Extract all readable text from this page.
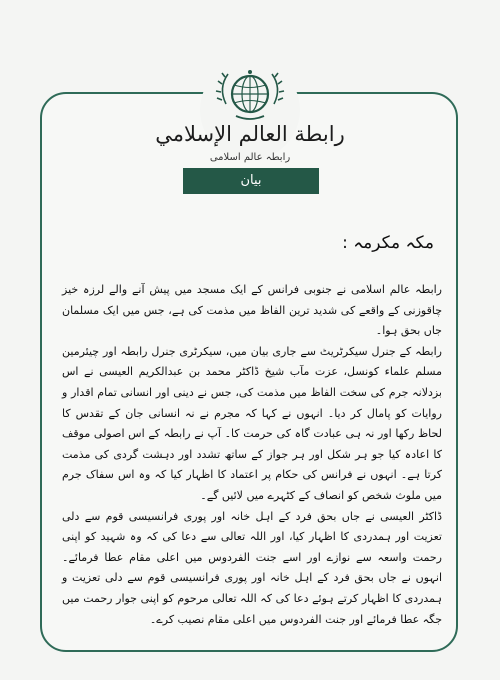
رابطة العالم الإسلامي
رابطہ عالم اسلامی
بیان
مکہ مکرمہ :

رابطہ عالم اسلامی نے جنوبی فرانس کے ایک مسجد میں پیش آنے والے لرزہ خیز چاقوزنی کے واقعے کی شدید ترین الفاظ میں مذمت کی ہے، جس میں ایک مسلمان جاں بحق ہوا۔

رابطہ کے جنرل سیکرٹریٹ سے جاری بیان میں، سیکرٹری جنرل رابطہ اور چیئرمین مسلم علماء کونسل، عزت مآب شیخ ڈاکٹر محمد بن عبدالکریم العیسی نے اس بزدلانہ جرم کی سخت الفاظ میں مذمت کی، جس نے دینی اور انسانی تمام اقدار و روایات کو پامال کر دیا۔ انہوں نے کہا کہ مجرم نے نہ انسانی جان کے تقدس کا لحاظ رکھا اور نہ ہی عبادت گاہ کی حرمت کا۔ آپ نے رابطہ کے اس اصولی موقف کا اعادہ کیا جو ہر شکل اور ہر جواز کے ساتھ تشدد اور دہشت گردی کی مذمت کرتا ہے۔ انہوں نے فرانس کی حکام پر اعتماد کا اظہار کیا کہ وہ اس سفاک جرم میں ملوث شخص کو انصاف کے کٹہرے میں لائیں گے۔

ڈاکٹر العیسی نے جاں بحق فرد کے اہل خانہ اور پوری فرانسیسی قوم سے دلی تعزیت اور ہمدردی کا اظہار کیا، اور اللہ تعالی سے دعا کی کہ وہ شہید کو اپنی رحمت واسعہ سے نوازے اور اسے جنت الفردوس میں اعلی مقام عطا فرمائے۔ انہوں نے جاں بحق فرد کے اہل خانہ اور پوری فرانسیسی قوم سے دلی تعزیت و ہمدردی کا اظہار کرتے ہوئے دعا کی کہ اللہ تعالی مرحوم کو اپنی جوار رحمت میں جگہ عطا فرمائے اور جنت الفردوس میں اعلی مقام نصیب کرے۔
